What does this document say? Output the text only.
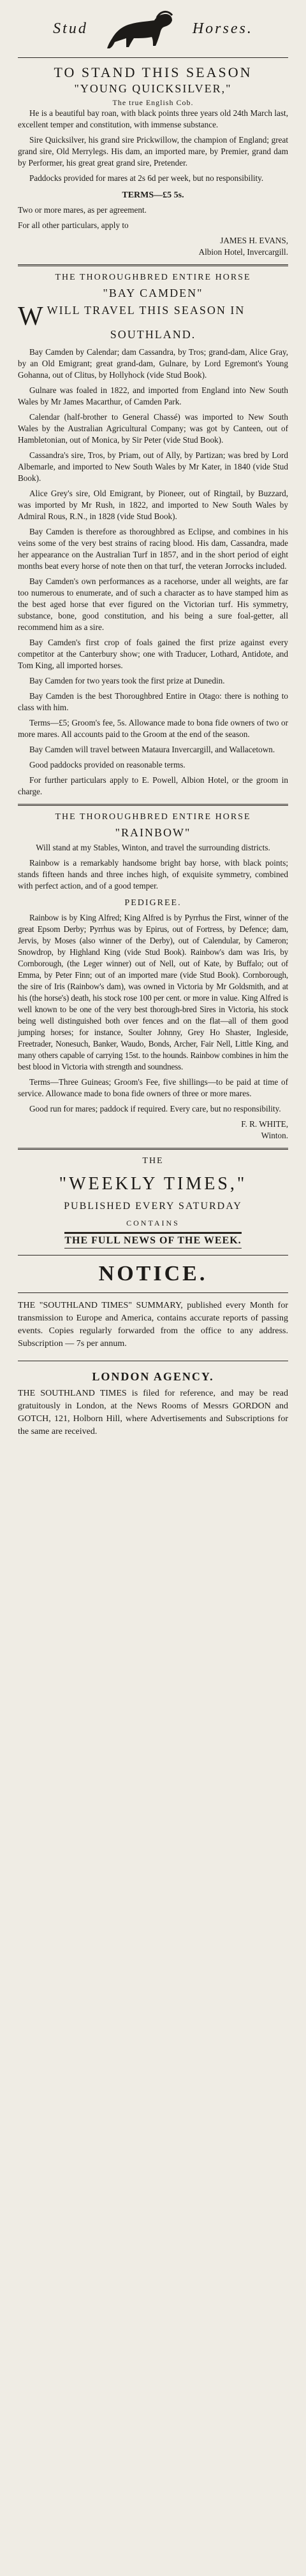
Stud	Horses.
TO STAND THIS SEASON
"YOUNG QUICKSILVER,"
The true English Cob.

He is a beautiful bay roan, with black points three years old 24th March last, excellent temper and constitution, with immense substance.

Sire Quicksilver, his grand sire Prickwillow, the champion of England; great grand sire, Old Merrylegs. His dam, an imported mare, by Premier, grand dam by Performer, his great great grand sire, Pretender.

Paddocks provided for mares at 2s 6d per week, but no responsibility.

TERMS—£5 5s.

Two or more mares, as per agreement.

For all other particulars, apply to

JAMES H. EVANS,
Albion Hotel, Invercargill.
THE THOROUGHBRED ENTIRE HORSE
"BAY CAMDEN"
W WILL TRAVEL THIS SEASON IN
SOUTHLAND.

Bay Camden by Calendar; dam Cassandra, by Tros; grand-dam, Alice Gray, by an Old Emigrant; great grand-dam, Gulnare, by Lord Egremont's Young Gohanna, out of Clitus, by Hollyhock (vide Stud Book).

Gulnare was foaled in 1822, and imported from England into New South Wales by Mr James Macarthur, of Camden Park.

Calendar (half-brother to General Chassé) was imported to New South Wales by the Australian Agricultural Company; was got by Canteen, out of Hambletonian, out of Monica, by Sir Peter (vide Stud Book).

Cassandra's sire, Tros, by Priam, out of Ally, by Partizan; was bred by Lord Albemarle, and imported to New South Wales by Mr Kater, in 1840 (vide Stud Book).

Alice Grey's sire, Old Emigrant, by Pioneer, out of Ringtail, by Buzzard, was imported by Mr Rush, in 1822, and imported to New South Wales by Admiral Rous, R.N., in 1828 (vide Stud Book).

Bay Camden is therefore as thoroughbred as Eclipse, and combines in his veins some of the very best strains of racing blood. His dam, Cassandra, made her appearance on the Australian Turf in 1857, and in the short period of eight months beat every horse of note then on that turf, the veteran Jorrocks included.

Bay Camden's own performances as a racehorse, under all weights, are far too numerous to enumerate, and of such a character as to have stamped him as the best aged horse that ever figured on the Victorian turf. His symmetry, substance, bone, good constitution, and his being a sure foal-getter, all recommend him as a sire.

Bay Camden's first crop of foals gained the first prize against every competitor at the Canterbury show; one with Traducer, Lothard, Antidote, and Tom King, all imported horses.

Bay Camden for two years took the first prize at Dunedin.

Bay Camden is the best Thoroughbred Entire in Otago: there is nothing to class with him.

Terms—£5; Groom's fee, 5s. Allowance made to bona fide owners of two or more mares. All accounts paid to the Groom at the end of the season.

Bay Camden will travel between Mataura Invercargill, and Wallacetown.

Good paddocks provided on reasonable terms.

For further particulars apply to E. Powell, Albion Hotel, or the groom in charge.

THE THOROUGHBRED ENTIRE HORSE
"RAINBOW"

Will stand at my Stables, Winton, and travel the surrounding districts.

Rainbow is a remarkably handsome bright bay horse, with black points; stands fifteen hands and three inches high, of exquisite symmetry, combined with perfect action, and of a good temper.

PEDIGREE.

Rainbow is by King Alfred; King Alfred is by Pyrrhus the First, winner of the great Epsom Derby; Pyrrhus was by Epirus, out of Fortress, by Defence; dam, Jervis, by Moses (also winner of the Derby), out of Calendular, by Cameron; Snowdrop, by Highland King (vide Stud Book). Rainbow's dam was Iris, by Cornborough, (the Leger winner) out of Nell, out of Kate, by Buffalo; out of Emma, by Peter Finn; out of an imported mare (vide Stud Book). Cornborough, the sire of Iris (Rainbow's dam), was owned in Victoria by Mr Goldsmith, and at his (the horse's) death, his stock rose 100 per cent. or more in value. King Alfred is well known to be one of the very best thorough-bred Sires in Victoria, his stock being well distinguished both over fences and on the flat—all of them good jumping horses; for instance, Soulter Johnny, Grey Ho Shaster, Ingleside, Freetrader, Nonesuch, Banker, Waudo, Bonds, Archer, Fair Nell, Little King, and many others capable of carrying 15st. to the hounds. Rainbow combines in him the best blood in Victoria with strength and soundness.

Terms—Three Guineas; Groom's Fee, five shillings—to be paid at time of service. Allowance made to bona fide owners of three or more mares.

Good run for mares; paddock if required. Every care, but no responsibility.

F. R. WHITE,
Winton.
THE
"WEEKLY TIMES,"
PUBLISHED EVERY SATURDAY
CONTAINS
THE FULL NEWS OF THE WEEK.
NOTICE.

THE "SOUTHLAND TIMES" SUMMARY, published every Month for transmission to Europe and America, contains accurate reports of passing events. Copies regularly forwarded from the office to any address. Subscription — 7s per annum.

LONDON AGENCY.

THE SOUTHLAND TIMES is filed for reference, and may be read gratuitously in London, at the News Rooms of Messrs GORDON and GOTCH, 121, Holborn Hill, where Advertisements and Subscriptions for the same are received.
